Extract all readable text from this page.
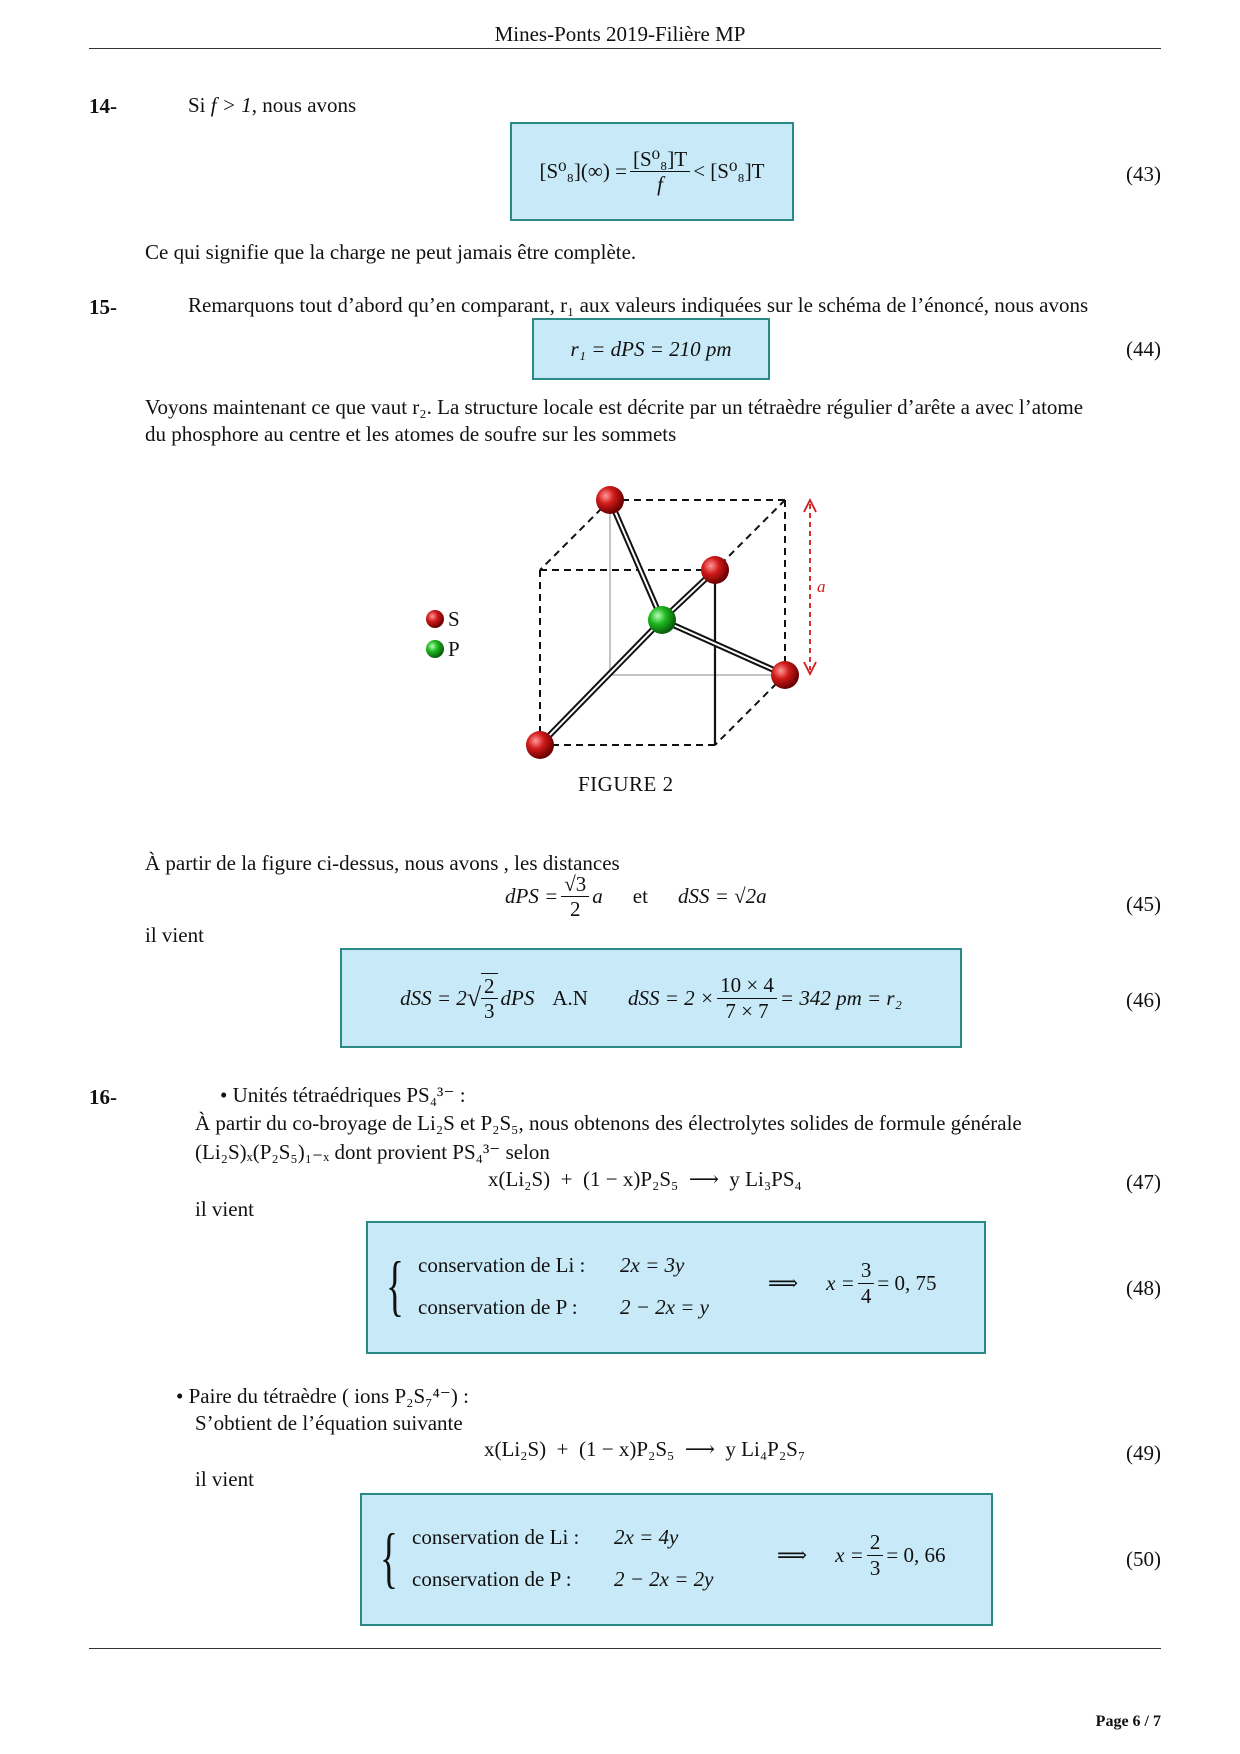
Mines-Ponts 2019-Filière MP
14-	Si f > 1, nous avons
$[S^0_8](\infty) = \frac{\text{[S⁰₈]T}}{f} < [S^0_8]T$	(43)
Ce qui signifie que la charge ne peut jamais être complète.
15-	Remarquons tout d’abord qu’en comparant, r₁ aux valeurs indiquées sur le schéma de l’énoncé, nous avons
r₁ = dPS = 210 pm	(44)
Voyons maintenant ce que vaut r₂. La structure locale est décrite par un tétraèdre régulier d’arête a avec l’atome
du phosphore au centre et les atomes de soufre sur les sommets
a
S
P
FIGURE 2
À partir de la figure ci-dessus, nous avons , les distances
dPS = $\frac{√3}{2}$ a et dSS = √2a	(45)
il vient
dSS = 2 √ $\frac{2}{3}$ dPS A.N dSS = $2 \times \frac{10 \times 4}{7 \times 7} = 342$ pm = r₂	(46)
16-	• Unités tétraédriques PS₄³⁻ :
À partir du co-broyage de Li₂S et P₂S₅, nous obtenons des électrolytes solides de formule générale
(Li₂S)ₓ(P₂S₅)₁₋ₓ dont provient PS₄³⁻ selon
x(Li₂S)  +  (1 − x)P₂S₅  ⟶  y Li₃PS₄	(47)
il vient
{ conservation de Li : 2x = 3y
conservation de P : 2 − 2x = y
⟹ $x = \frac{3}{4} = 0$, 75	(48)
• Paire du tétraèdre ( ions P₂S₇⁴⁻) :
S’obtient de l’équation suivante
x(Li₂S)  +  (1 − x)P₂S₅  ⟶  y Li₄P₂S₇	(49)
il vient
{ conservation de Li : 2x = 4y
conservation de P : 2 − 2x = 2y
⟹ $x = \frac{2}{3} = 0$, 66	(50)
Page 6 / 7
